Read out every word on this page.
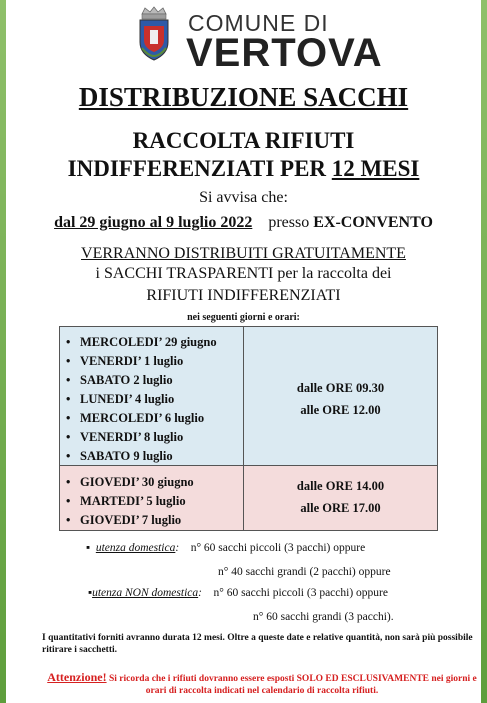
COMUNE DI
VERTOVA
DISTRIBUZIONE SACCHI
RACCOLTA RIFIUTI
INDIFFERENZIATI PER 12 MESI
Si avvisa che:
dal 29 giugno al 9 luglio 2022 presso EX-CONVENTO
VERRANNO DISTRIBUITI GRATUITAMENTE
i SACCHI TRASPARENTI per la raccolta dei
RIFIUTI INDIFFERENZIATI
nei seguenti giorni e orari:
• MERCOLEDI’ 29 giugno
• VENERDI’ 1 luglio
• SABATO 2 luglio
• LUNEDI’ 4 luglio
• MERCOLEDI’ 6 luglio
• VENERDI’ 8 luglio
• SABATO 9 luglio
dalle ORE 09.30
alle ORE 12.00
• GIOVEDI’ 30 giugno
• MARTEDI’ 5 luglio
• GIOVEDI’ 7 luglio
dalle ORE 14.00
alle ORE 17.00
▪  utenza domestica: n° 60 sacchi piccoli (3 pacchi) oppure
n° 40 sacchi grandi (2 pacchi) oppure
▪utenza NON domestica: n° 60 sacchi piccoli (3 pacchi) oppure
n° 60 sacchi grandi (3 pacchi).
I quantitativi forniti avranno durata 12 mesi. Oltre a queste date e relative quantità, non sarà più possibile ritirare i sacchetti.
Attenzione! Si ricorda che i rifiuti dovranno essere esposti SOLO ED ESCLUSIVAMENTE nei giorni e orari di raccolta indicati nel calendario di raccolta rifiuti.
